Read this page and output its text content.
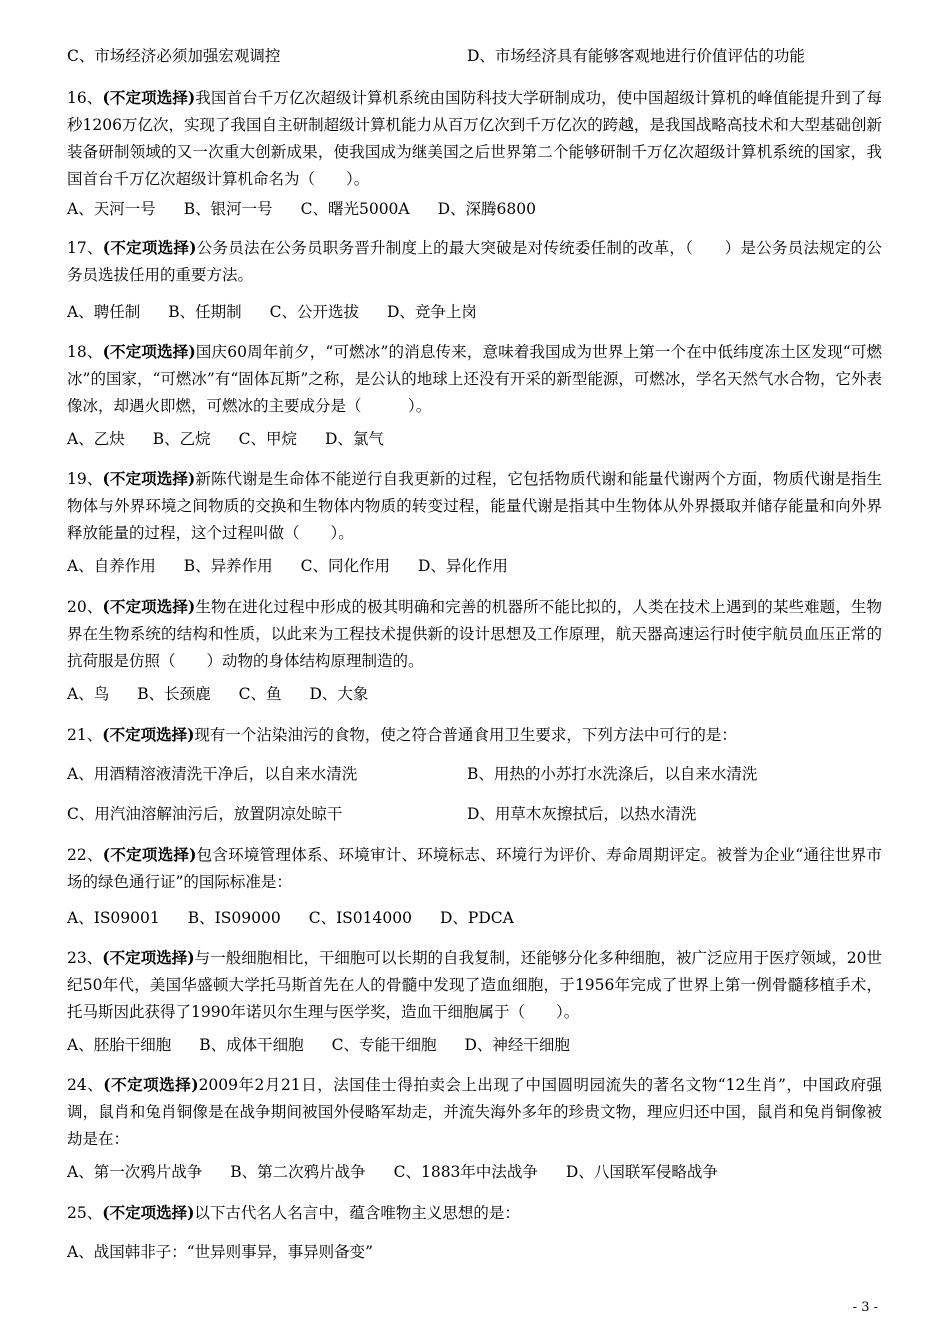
C、市场经济必须加强宏观调控	D、市场经济具有能够客观地进行价值评估的功能

16、(不定项选择)我国首台千万亿次超级计算机系统由国防科技大学研制成功，使中国超级计算机的峰值能提升到了每秒1206万亿次，实现了我国自主研制超级计算机能力从百万亿次到千万亿次的跨越，是我国战略高技术和大型基础创新装备研制领域的又一次重大创新成果，使我国成为继美国之后世界第二个能够研制千万亿次超级计算机系统的国家，我国首台千万亿次超级计算机命名为（　　）。

A、天河一号 B、银河一号 C、曙光5000A D、深腾6800

17、(不定项选择)公务员法在公务员职务晋升制度上的最大突破是对传统委任制的改革，（　　）是公务员法规定的公务员选拔任用的重要方法。

A、聘任制 B、任期制 C、公开选拔 D、竞争上岗

18、(不定项选择)国庆60周年前夕，“可燃冰”的消息传来，意味着我国成为世界上第一个在中低纬度冻土区发现“可燃冰”的国家，“可燃冰”有“固体瓦斯”之称，是公认的地球上还没有开采的新型能源，可燃冰，学名天然气水合物，它外表像冰，却遇火即燃，可燃冰的主要成分是（　　　）。

A、乙炔 B、乙烷 C、甲烷 D、氯气

19、(不定项选择)新陈代谢是生命体不能逆行自我更新的过程，它包括物质代谢和能量代谢两个方面，物质代谢是指生物体与外界环境之间物质的交换和生物体内物质的转变过程，能量代谢是指其中生物体从外界摄取并储存能量和向外界释放能量的过程，这个过程叫做（　　）。

A、自养作用 B、异养作用 C、同化作用 D、异化作用

20、(不定项选择)生物在进化过程中形成的极其明确和完善的机器所不能比拟的，人类在技术上遇到的某些难题，生物界在生物系统的结构和性质，以此来为工程技术提供新的设计思想及工作原理，航天器高速运行时使宇航员血压正常的抗荷服是仿照（　　）动物的身体结构原理制造的。

A、鸟 B、长颈鹿 C、鱼 D、大象

21、(不定项选择)现有一个沾染油污的食物，使之符合普通食用卫生要求，下列方法中可行的是：

A、用酒精溶液清洗干净后，以自来水清洗	B、用热的小苏打水洗涤后，以自来水清洗
C、用汽油溶解油污后，放置阴凉处晾干	D、用草木灰擦拭后，以热水清洗

22、(不定项选择)包含环境管理体系、环境审计、环境标志、环境行为评价、寿命周期评定。被誉为企业“通往世界市场的绿色通行证”的国际标准是：

A、IS09001 B、IS09000 C、IS014000 D、PDCA

23、(不定项选择)与一般细胞相比，干细胞可以长期的自我复制，还能够分化多种细胞，被广泛应用于医疗领域，20世纪50年代，美国华盛顿大学托马斯首先在人的骨髓中发现了造血细胞，于1956年完成了世界上第一例骨髓移植手术，托马斯因此获得了1990年诺贝尔生理与医学奖，造血干细胞属于（　　）。

A、胚胎干细胞 B、成体干细胞 C、专能干细胞 D、神经干细胞

24、(不定项选择)2009年2月21日，法国佳士得拍卖会上出现了中国圆明园流失的著名文物“12生肖”，中国政府强调，鼠肖和兔肖铜像是在战争期间被国外侵略军劫走，并流失海外多年的珍贵文物，理应归还中国，鼠肖和兔肖铜像被劫是在：

A、第一次鸦片战争 B、第二次鸦片战争 C、1883年中法战争 D、八国联军侵略战争

25、(不定项选择)以下古代名人名言中，蕴含唯物主义思想的是：

A、战国韩非子：“世异则事异，事异则备变”
- 3 -
